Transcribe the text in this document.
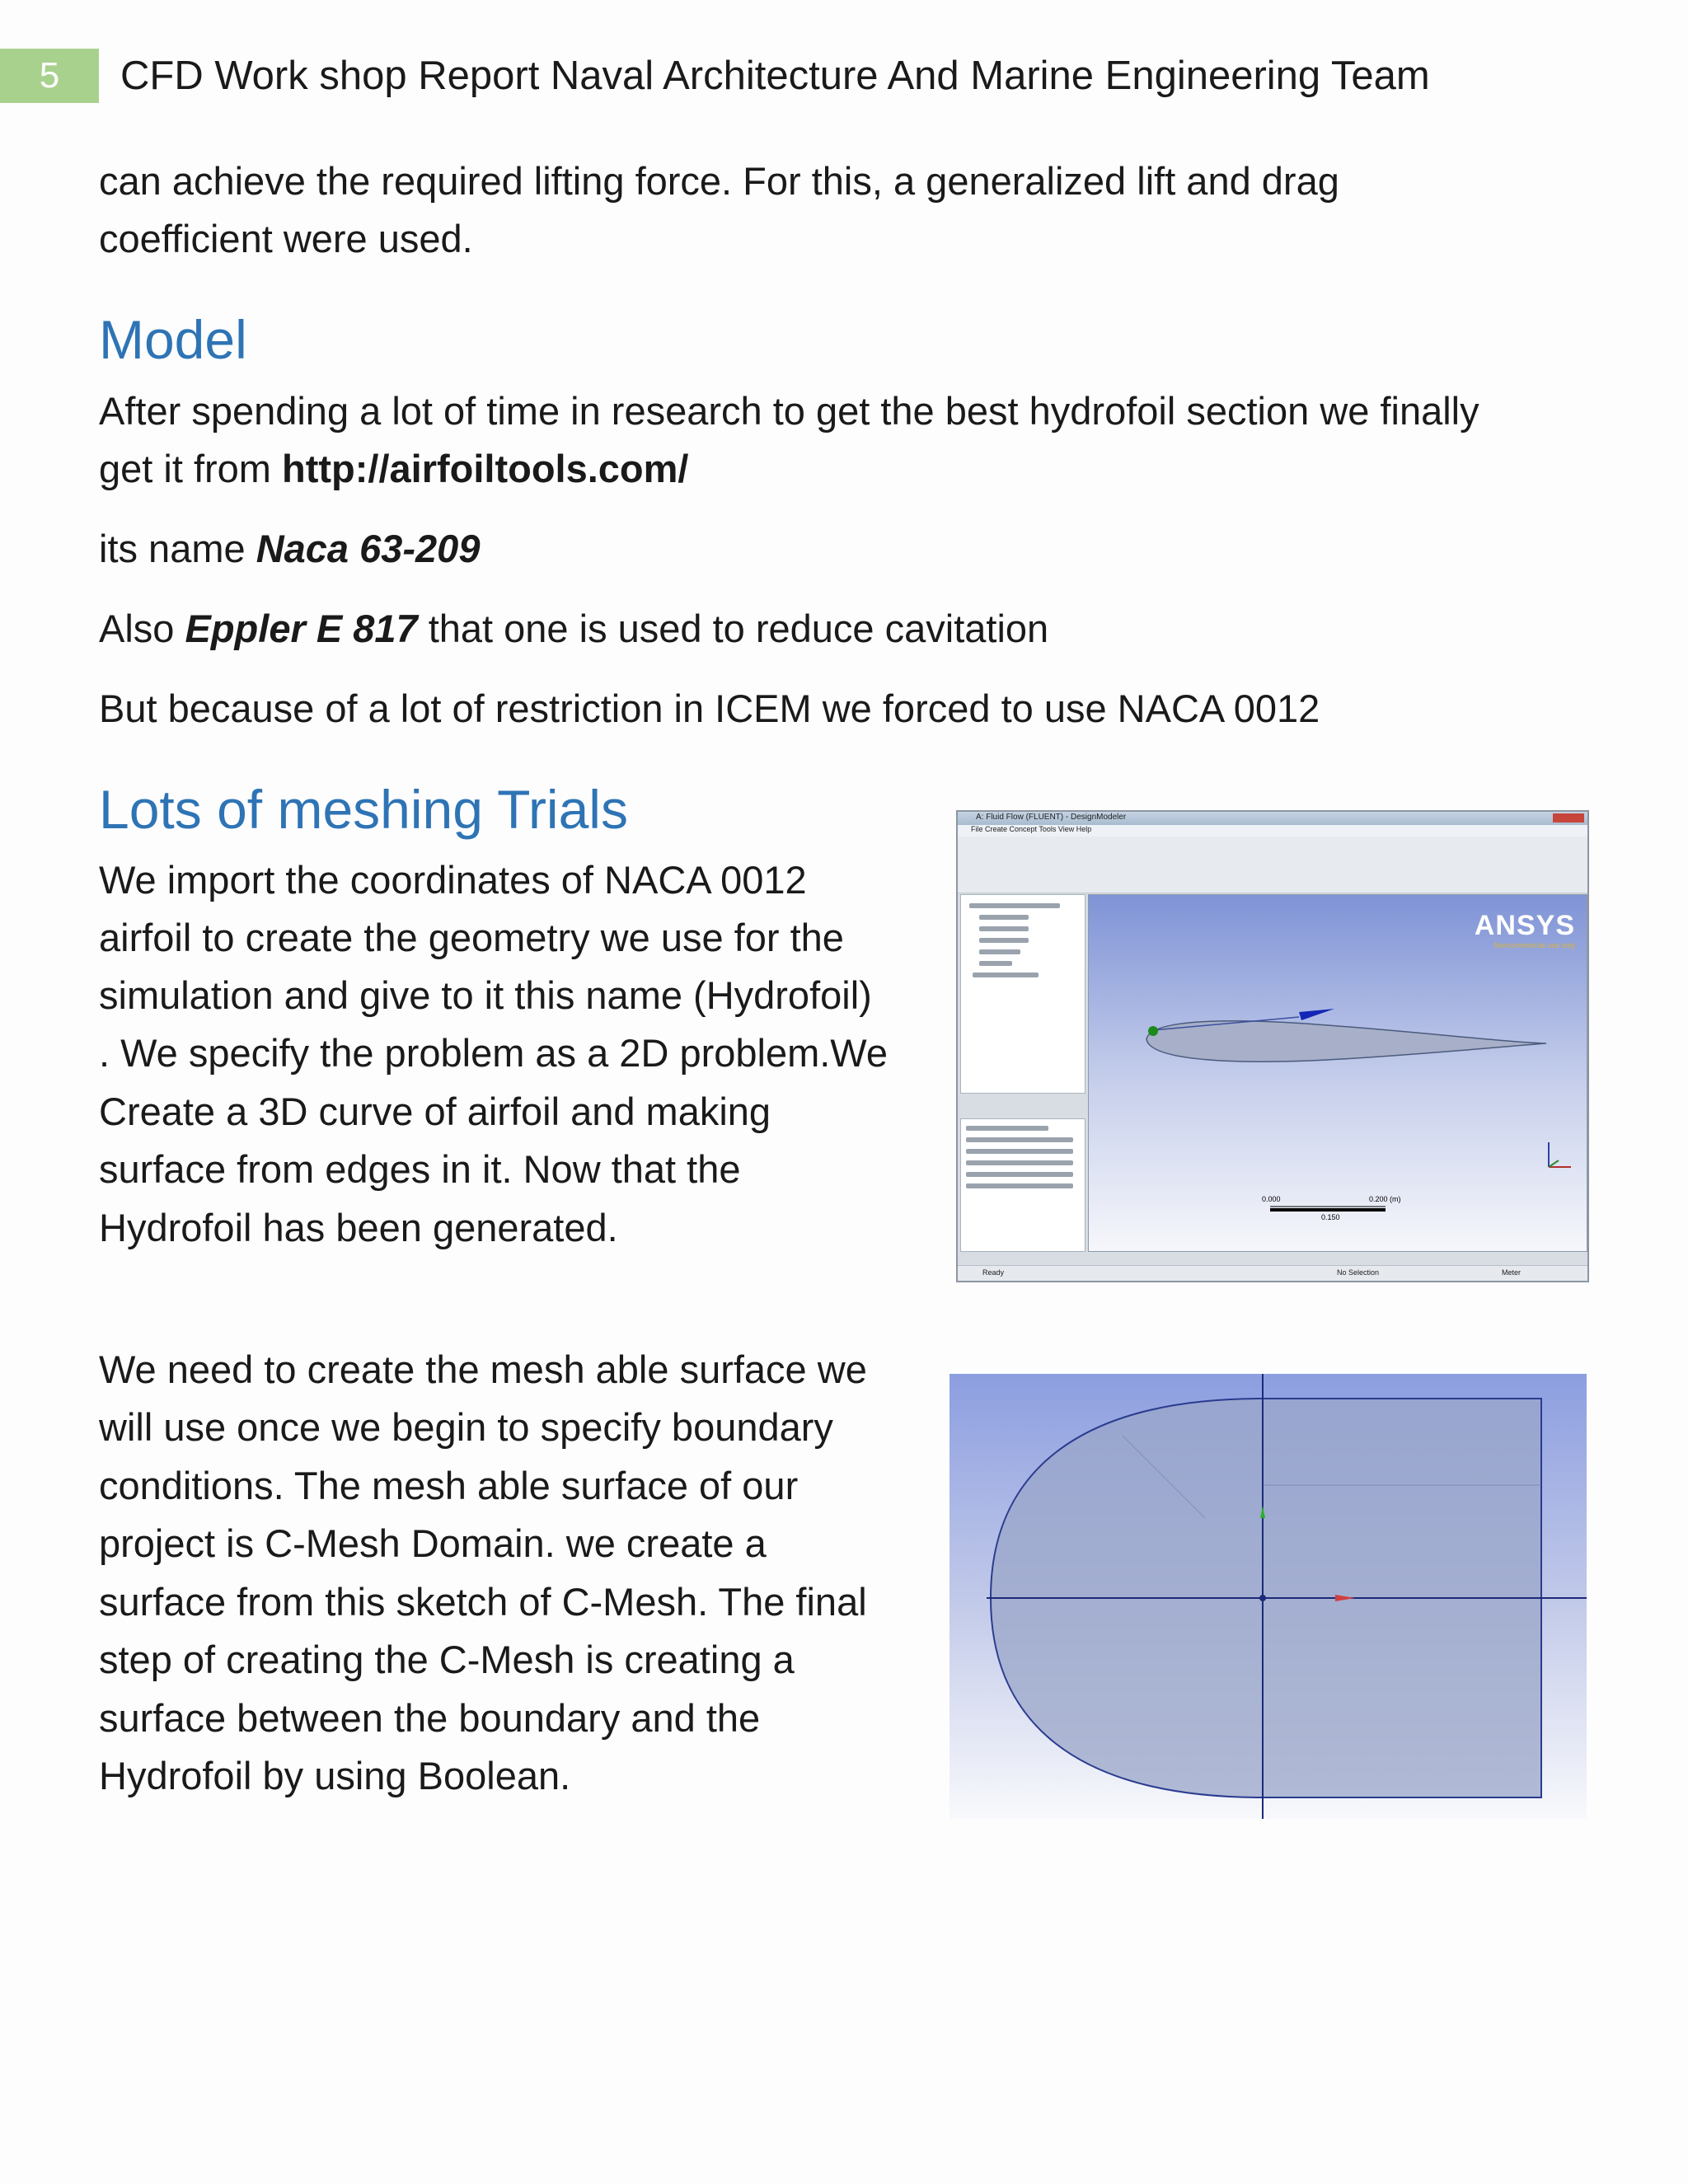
5	CFD Work shop Report Naval Architecture And Marine Engineering Team

can achieve the required lifting force. For this, a generalized lift and drag

coefficient were used.

Model

After spending a lot of time in research to get the best hydrofoil section we finally

get it from http://airfoiltools.com/

its name Naca 63-209

Also Eppler E 817 that one is used to reduce cavitation

But because of a lot of restriction in ICEM we forced to use NACA 0012

Lots of meshing Trials

We import the coordinates of NACA 0012

airfoil to create the geometry we use for the

simulation and give to it this name (Hydrofoil)

. We specify the problem as a 2D problem.We

Create a 3D curve of airfoil and making

surface from edges in it. Now that the

Hydrofoil has been generated.

We need to create the mesh able surface we

will use once we begin to specify boundary

conditions. The mesh able surface of our

project is C-Mesh Domain. we create a

surface from this sketch of C-Mesh. The final

step of creating the C-Mesh is creating a

surface between the boundary and the

Hydrofoil by using Boolean.

A: Fluid Flow (FLUENT) - DesignModeler
File Create Concept Tools View Help
ANSYS
Noncommercial use only
0.000	0.200 (m)
0.150
Ready	No Selection	Meter
